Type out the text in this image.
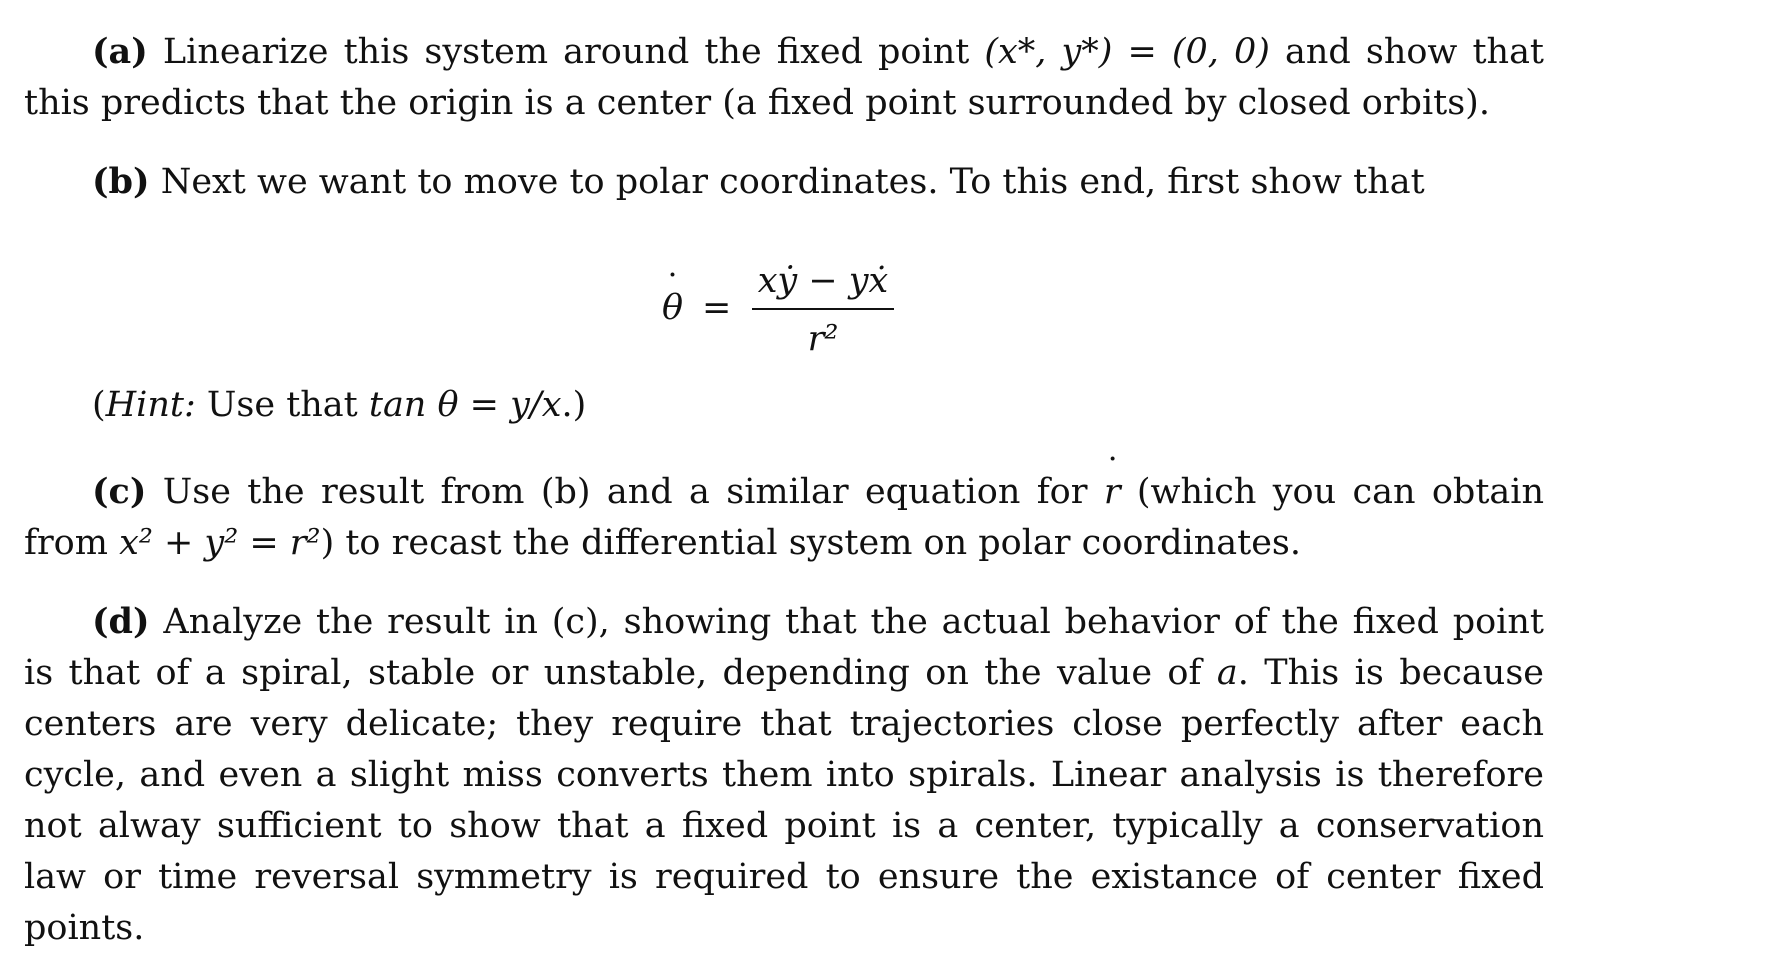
(a) Linearize this system around the fixed point (x*, y*) = (0, 0) and show that this predicts that the origin is a center (a fixed point surrounded by closed orbits).

(b) Next we want to move to polar coordinates. To this end, first show that

θ ˙ =
xẏ − yẋ
r²

(Hint: Use that tan θ = y/x.)

(c) Use the result from (b) and a similar equation for r ˙ (which you can obtain from x² + y² = r²) to recast the differential system on polar coordinates.

(d) Analyze the result in (c), showing that the actual behavior of the fixed point is that of a spiral, stable or unstable, depending on the value of a. This is because centers are very delicate; they require that trajectories close perfectly after each cycle, and even a slight miss converts them into spirals. Linear analysis is therefore not alway sufficient to show that a fixed point is a center, typically a conservation law or time reversal symmetry is required to ensure the existance of center fixed points.
